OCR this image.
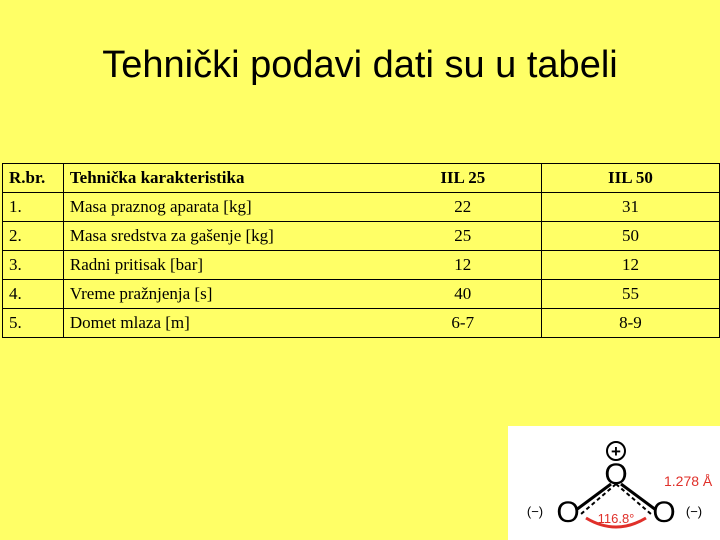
Tehnički podavi dati su u tabeli
R.br.	Tehnička karakteristika	IIL 25	IIL 50
1.	Masa praznog aparata [kg]	22	31
2.	Masa sredstva za gašenje [kg]	25	50
3.	Radni pritisak [bar]	12	12
4.	Vreme pražnjenja [s]	40	55
5.	Domet mlaza [m]	6-7	8-9
O
O O
+
(−)	(−)
1.278 Å
116.8°
